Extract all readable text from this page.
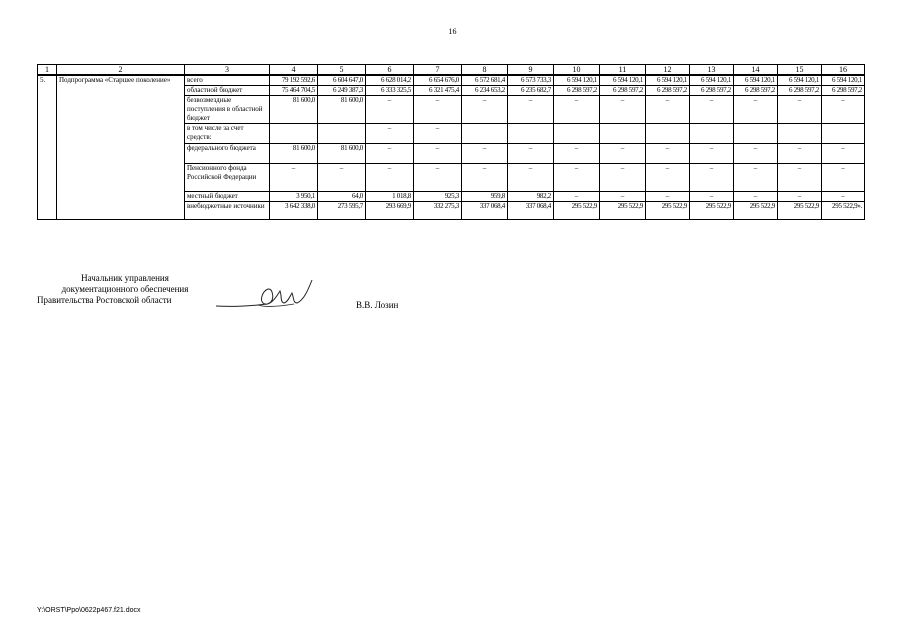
16
1	2	3	4	5	6	7	8	9	10	11	12	13	14	15	16
5.	Подпрограмма «Старшее поколение»	всего	79 192 592,6	6 604 647,0	6 628 014,2	6 654 676,0	6 572 681,4	6 573 733,3	6 594 120,1	6 594 120,1	6 594 120,1	6 594 120,1	6 594 120,1	6 594 120,1	6 594 120,1
		областной бюджет	75 464 704,5	6 249 387,3	6 333 325,5	6 321 475,4	6 234 653,2	6 235 682,7	6 298 597,2	6 298 597,2	6 298 597,2	6 298 597,2	6 298 597,2	6 298 597,2	6 298 597,2
		безвозмездные поступления в областной бюджет	81 600,0	81 600,0	–	–	–	–	–	–	–	–	–	–	–
		в том числе за счет средств:			–	–									
		федерального бюджета	81 600,0	81 600,0	–	–	–	–	–	–	–	–	–	–	–
		Пенсионного фонда Российской Федерации	–	–	–	–	–	–	–	–	–	–	–	–	–
		местный бюджет	3 950,1	64,0	1 018,8	925,3	959,8	982,2	–	–	–	–	–	–	–
		внебюджетные источники	3 642 338,0	273 595,7	293 669,9	332 275,3	337 068,4	337 068,4	295 522,9	295 522,9	295 522,9	295 522,9	295 522,9	295 522,9	295 522,9».
Начальник управления
документационного обеспечения
Правительства Ростовской области	В.В. Лозин
Y:\ORST\Ppo\0622p467.f21.docx
